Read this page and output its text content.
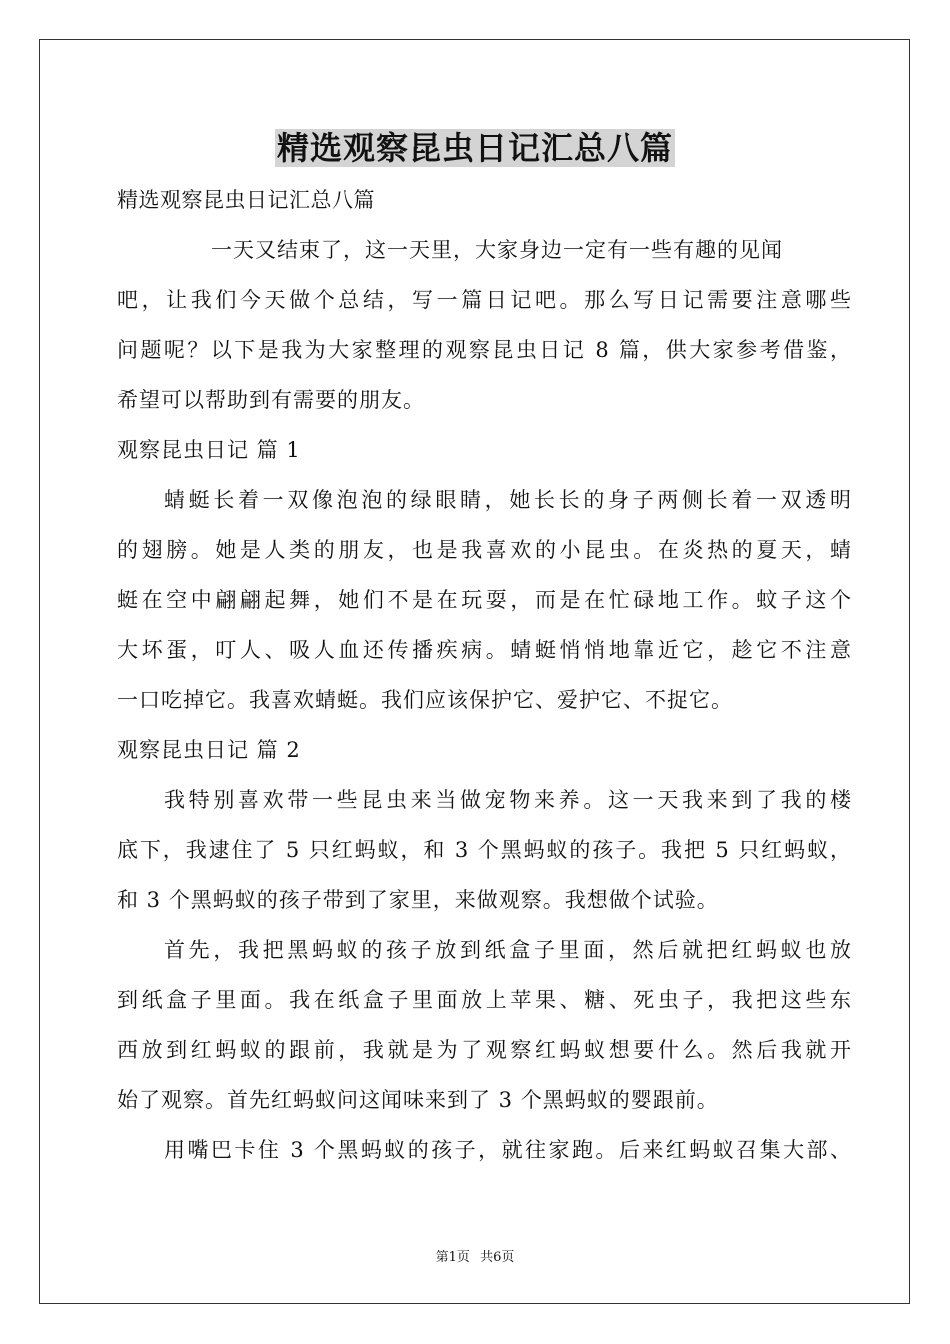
精选观察昆虫日记汇总八篇
精选观察昆虫日记汇总八篇
一天又结束了，这一天里，大家身边一定有一些有趣的见闻
吧，让我们今天做个总结，写一篇日记吧。那么写日记需要注意哪些
问题呢？以下是我为大家整理的观察昆虫日记 8 篇，供大家参考借鉴，
希望可以帮助到有需要的朋友。
观察昆虫日记 篇 1
蜻蜓长着一双像泡泡的绿眼睛，她长长的身子两侧长着一双透明
的翅膀。她是人类的朋友，也是我喜欢的小昆虫。在炎热的夏天，蜻
蜓在空中翩翩起舞，她们不是在玩耍，而是在忙碌地工作。蚊子这个
大坏蛋，叮人、吸人血还传播疾病。蜻蜓悄悄地靠近它，趁它不注意
一口吃掉它。我喜欢蜻蜓。我们应该保护它、爱护它、不捉它。
观察昆虫日记 篇 2
我特别喜欢带一些昆虫来当做宠物来养。这一天我来到了我的楼
底下，我逮住了 5 只红蚂蚁，和 3 个黑蚂蚁的孩子。我把 5 只红蚂蚁，
和 3 个黑蚂蚁的孩子带到了家里，来做观察。我想做个试验。
首先，我把黑蚂蚁的孩子放到纸盒子里面，然后就把红蚂蚁也放
到纸盒子里面。我在纸盒子里面放上苹果、糖、死虫子，我把这些东
西放到红蚂蚁的跟前，我就是为了观察红蚂蚁想要什么。然后我就开
始了观察。首先红蚂蚁问这闻味来到了 3 个黑蚂蚁的婴跟前。
用嘴巴卡住 3 个黑蚂蚁的孩子，就往家跑。后来红蚂蚁召集大部、
第1页 共6页
